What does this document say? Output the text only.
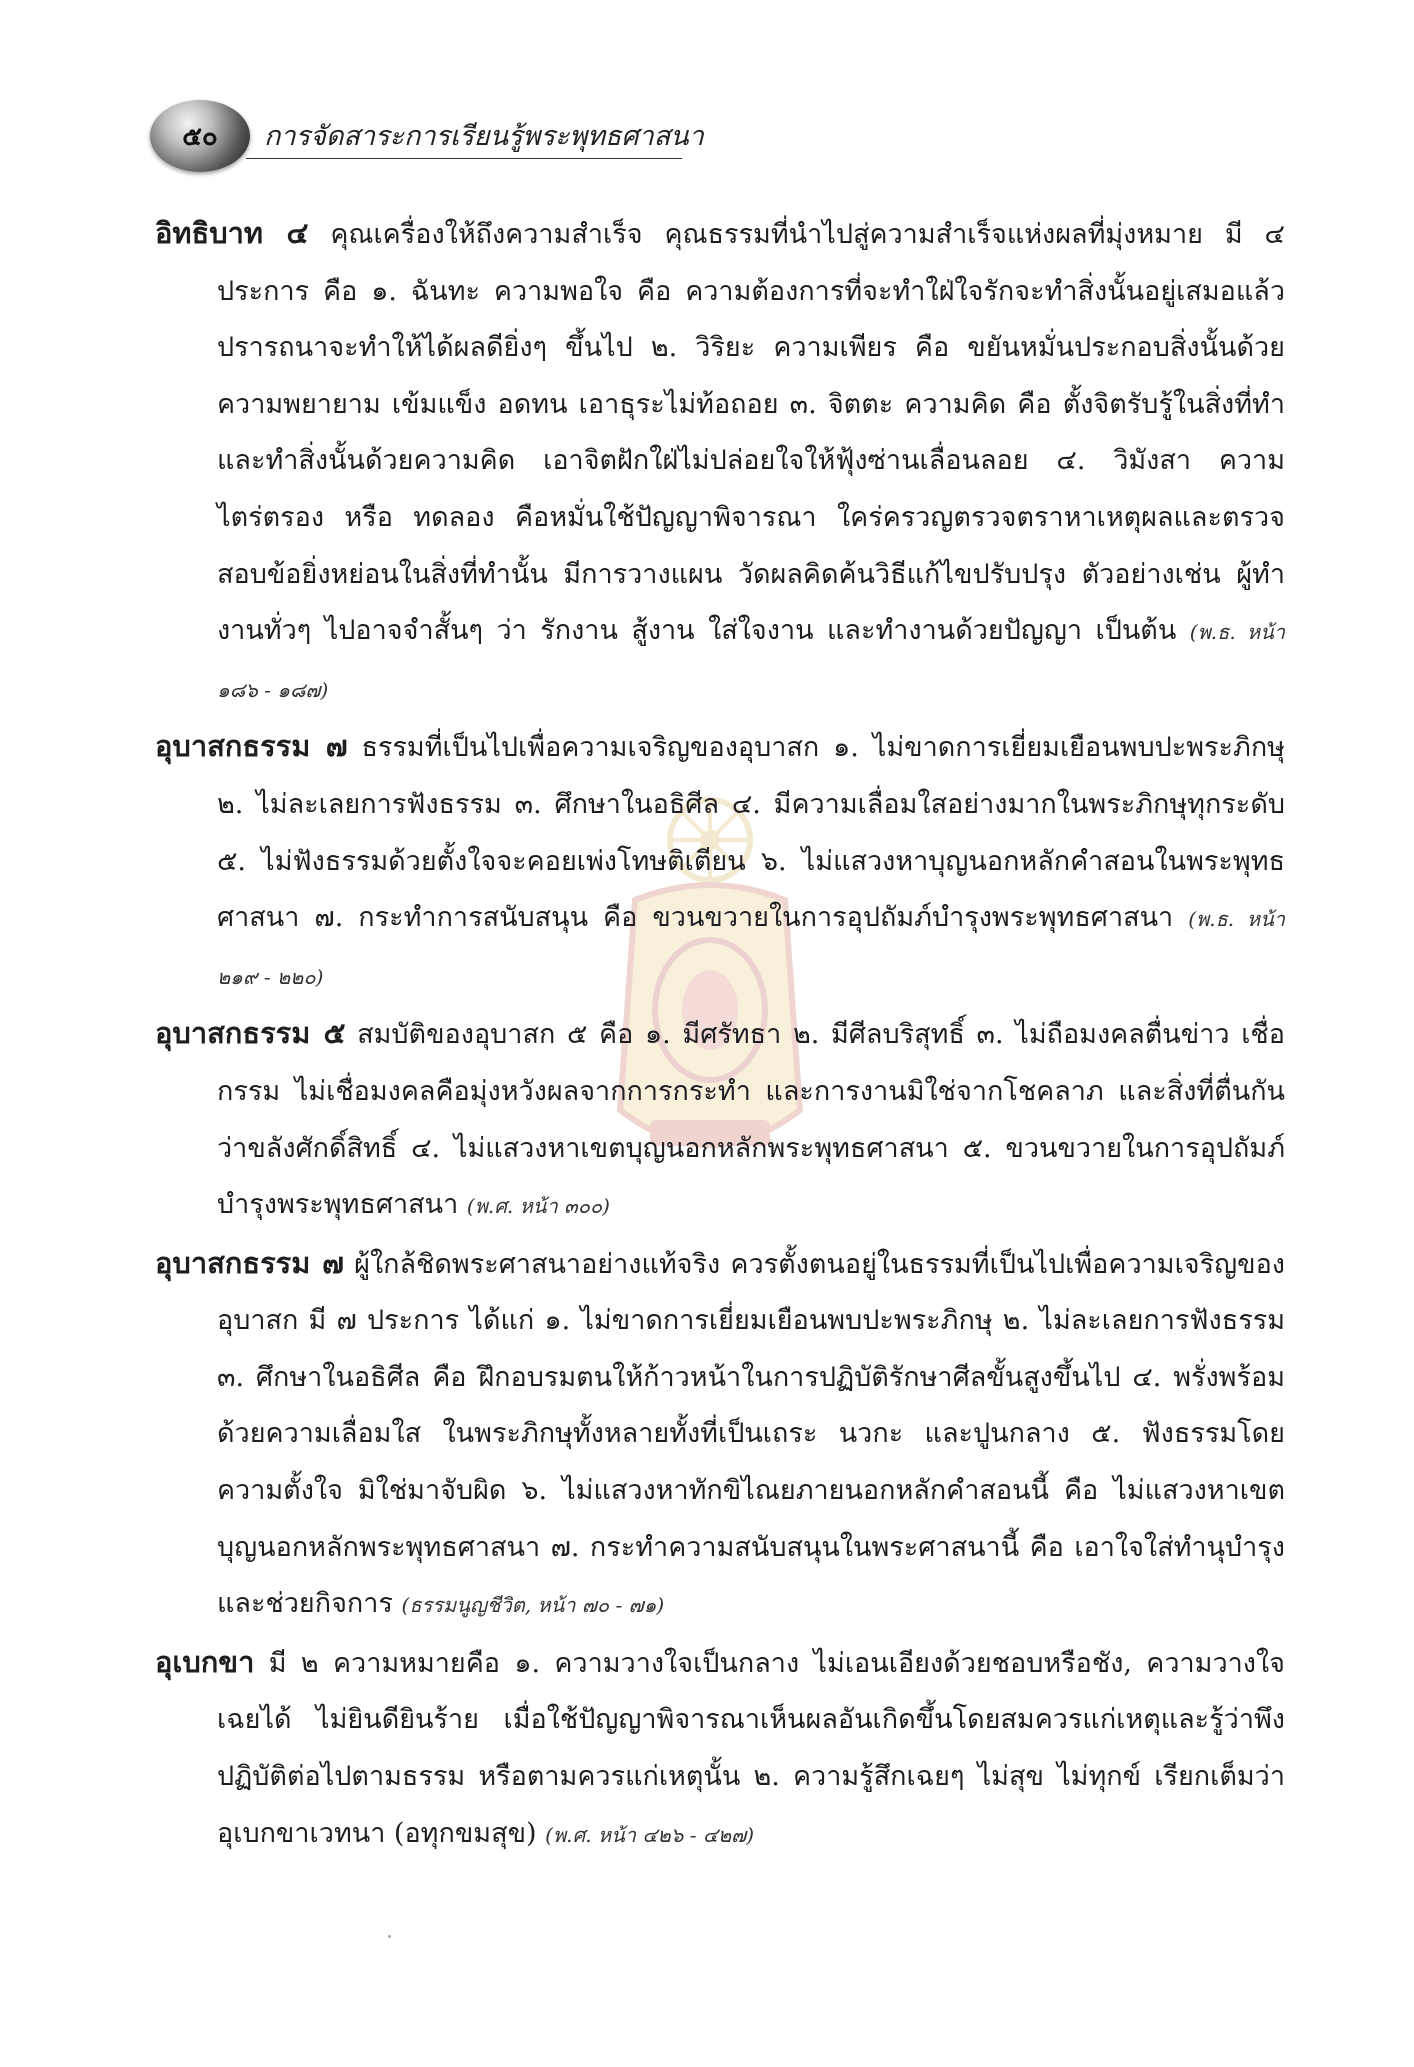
๕๐ การจัดสาระการเรียนรู้พระพุทธศาสนา

อิทธิบาท ๔ คุณเครื่องให้ถึงความสำเร็จ คุณธรรมที่นำไปสู่ความสำเร็จแห่งผลที่มุ่งหมาย มี ๔ ประการ คือ ๑. ฉันทะ ความพอใจ คือ ความต้องการที่จะทำใฝ่ใจรักจะทำสิ่งนั้นอยู่เสมอแล้วปรารถนาจะทำให้ได้ผลดียิ่งๆ ขึ้นไป ๒. วิริยะ ความเพียร คือ ขยันหมั่นประกอบสิ่งนั้นด้วยความพยายาม เข้มแข็ง อดทน เอาธุระไม่ท้อถอย ๓. จิตตะ ความคิด คือ ตั้งจิตรับรู้ในสิ่งที่ทำและทำสิ่งนั้นด้วยความคิด เอาจิตฝักใฝ่ไม่ปล่อยใจให้ฟุ้งซ่านเลื่อนลอย ๔. วิมังสา ความไตร่ตรอง หรือ ทดลอง คือหมั่นใช้ปัญญาพิจารณา ใคร่ครวญตรวจตราหาเหตุผลและตรวจสอบข้อยิ่งหย่อนในสิ่งที่ทำนั้น มีการวางแผน วัดผลคิดค้นวิธีแก้ไขปรับปรุง ตัวอย่างเช่น ผู้ทำงานทั่วๆ ไปอาจจำสั้นๆ ว่า รักงาน สู้งาน ใส่ใจงาน และทำงานด้วยปัญญา เป็นต้น (พ.ธ. หน้า ๑๘๖ - ๑๘๗)

อุบาสกธรรม ๗ ธรรมที่เป็นไปเพื่อความเจริญของอุบาสก ๑. ไม่ขาดการเยี่ยมเยือนพบปะพระภิกษุ ๒. ไม่ละเลยการฟังธรรม ๓. ศึกษาในอธิศีล ๔. มีความเลื่อมใสอย่างมากในพระภิกษุทุกระดับ ๕. ไม่ฟังธรรมด้วยตั้งใจจะคอยเพ่งโทษติเตียน ๖. ไม่แสวงหาบุญนอกหลักคำสอนในพระพุทธศาสนา ๗. กระทำการสนับสนุน คือ ขวนขวายในการอุปถัมภ์บำรุงพระพุทธศาสนา (พ.ธ. หน้า ๒๑๙ - ๒๒๐)

อุบาสกธรรม ๕ สมบัติของอุบาสก ๕ คือ ๑. มีศรัทธา ๒. มีศีลบริสุทธิ์ ๓. ไม่ถือมงคลตื่นข่าว เชื่อกรรม ไม่เชื่อมงคลคือมุ่งหวังผลจากการกระทำ และการงานมิใช่จากโชคลาภ และสิ่งที่ตื่นกันว่าขลังศักดิ์สิทธิ์ ๔. ไม่แสวงหาเขตบุญนอกหลักพระพุทธศาสนา ๕. ขวนขวายในการอุปถัมภ์บำรุงพระพุทธศาสนา (พ.ศ. หน้า ๓๐๐)

อุบาสกธรรม ๗ ผู้ใกล้ชิดพระศาสนาอย่างแท้จริง ควรตั้งตนอยู่ในธรรมที่เป็นไปเพื่อความเจริญของอุบาสก มี ๗ ประการ ได้แก่ ๑. ไม่ขาดการเยี่ยมเยือนพบปะพระภิกษุ ๒. ไม่ละเลยการฟังธรรม ๓. ศึกษาในอธิศีล คือ ฝึกอบรมตนให้ก้าวหน้าในการปฏิบัติรักษาศีลขั้นสูงขึ้นไป ๔. พรั่งพร้อมด้วยความเลื่อมใส ในพระภิกษุทั้งหลายทั้งที่เป็นเถระ นวกะ และปูนกลาง ๕. ฟังธรรมโดยความตั้งใจ มิใช่มาจับผิด ๖. ไม่แสวงหาทักขิไณยภายนอกหลักคำสอนนี้ คือ ไม่แสวงหาเขตบุญนอกหลักพระพุทธศาสนา ๗. กระทำความสนับสนุนในพระศาสนานี้ คือ เอาใจใส่ทำนุบำรุงและช่วยกิจการ (ธรรมนูญชีวิต, หน้า ๗๐ - ๗๑)

อุเบกขา มี ๒ ความหมายคือ ๑. ความวางใจเป็นกลาง ไม่เอนเอียงด้วยชอบหรือชัง, ความวางใจเฉยได้ ไม่ยินดียินร้าย เมื่อใช้ปัญญาพิจารณาเห็นผลอันเกิดขึ้นโดยสมควรแก่เหตุและรู้ว่าพึงปฏิบัติต่อไปตามธรรม หรือตามควรแก่เหตุนั้น ๒. ความรู้สึกเฉยๆ ไม่สุข ไม่ทุกข์ เรียกเต็มว่าอุเบกขาเวทนา (อทุกขมสุข) (พ.ศ. หน้า ๔๒๖ - ๔๒๗)
